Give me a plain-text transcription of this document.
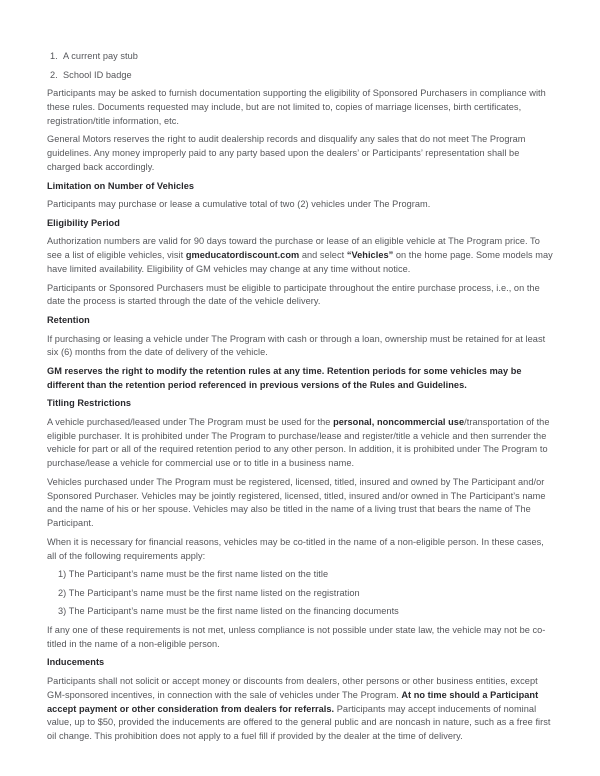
1. A current pay stub
2. School ID badge

Participants may be asked to furnish documentation supporting the eligibility of Sponsored Purchasers in compliance with these rules. Documents requested may include, but are not limited to, copies of marriage licenses, birth certificates, registration/title information, etc.

General Motors reserves the right to audit dealership records and disqualify any sales that do not meet The Program guidelines. Any money improperly paid to any party based upon the dealers’ or Participants’ representation shall be charged back accordingly.

Limitation on Number of Vehicles

Participants may purchase or lease a cumulative total of two (2) vehicles under The Program.

Eligibility Period

Authorization numbers are valid for 90 days toward the purchase or lease of an eligible vehicle at The Program price. To see a list of eligible vehicles, visit gmeducatordiscount.com and select “Vehicles” on the home page. Some models may have limited availability. Eligibility of GM vehicles may change at any time without notice.

Participants or Sponsored Purchasers must be eligible to participate throughout the entire purchase process, i.e., on the date the process is started through the date of the vehicle delivery.

Retention

If purchasing or leasing a vehicle under The Program with cash or through a loan, ownership must be retained for at least six (6) months from the date of delivery of the vehicle.

GM reserves the right to modify the retention rules at any time. Retention periods for some vehicles may be different than the retention period referenced in previous versions of the Rules and Guidelines.

Titling Restrictions

A vehicle purchased/leased under The Program must be used for the personal, noncommercial use/transportation of the eligible purchaser. It is prohibited under The Program to purchase/lease and register/title a vehicle and then surrender the vehicle for part or all of the required retention period to any other person. In addition, it is prohibited under The Program to purchase/lease a vehicle for commercial use or to title in a business name.

Vehicles purchased under The Program must be registered, licensed, titled, insured and owned by The Participant and/or Sponsored Purchaser. Vehicles may be jointly registered, licensed, titled, insured and/or owned in The Participant’s name and the name of his or her spouse. Vehicles may also be titled in the name of a living trust that bears the name of The Participant.

When it is necessary for financial reasons, vehicles may be co-titled in the name of a non-eligible person. In these cases, all of the following requirements apply:

1) The Participant’s name must be the first name listed on the title
2) The Participant’s name must be the first name listed on the registration
3) The Participant’s name must be the first name listed on the financing documents

If any one of these requirements is not met, unless compliance is not possible under state law, the vehicle may not be co-titled in the name of a non-eligible person.

Inducements

Participants shall not solicit or accept money or discounts from dealers, other persons or other business entities, except GM-sponsored incentives, in connection with the sale of vehicles under The Program. At no time should a Participant accept payment or other consideration from dealers for referrals. Participants may accept inducements of nominal value, up to $50, provided the inducements are offered to the general public and are noncash in nature, such as a free first oil change. This prohibition does not apply to a fuel fill if provided by the dealer at the time of delivery.
